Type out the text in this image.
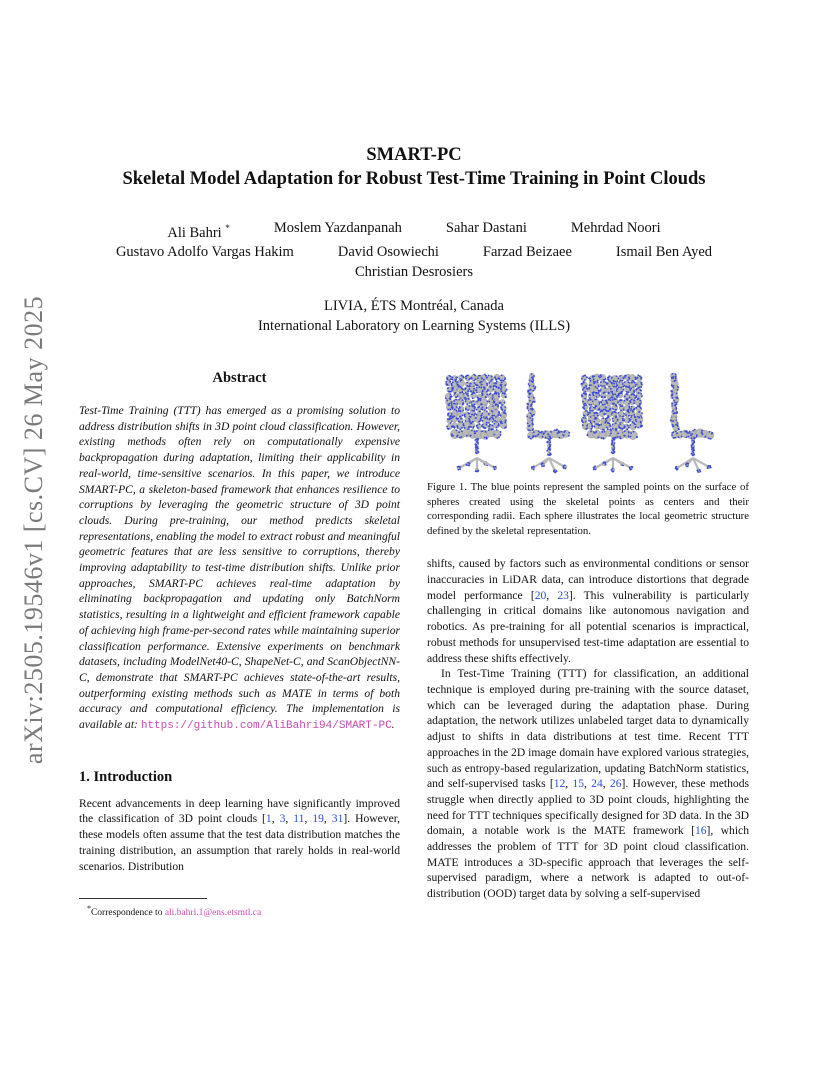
arXiv:2505.19546v1 [cs.CV] 26 May 2025
SMART-PC
Skeletal Model Adaptation for Robust Test-Time Training in Point Clouds
Ali Bahri *	Moslem Yazdanpanah	Sahar Dastani	Mehrdad Noori
Gustavo Adolfo Vargas Hakim	David Osowiechi	Farzad Beizaee	Ismail Ben Ayed
Christian Desrosiers
LIVIA, ÉTS Montréal, Canada
International Laboratory on Learning Systems (ILLS)
Abstract

Test-Time Training (TTT) has emerged as a promising solution to address distribution shifts in 3D point cloud classification. However, existing methods often rely on computationally expensive backpropagation during adaptation, limiting their applicability in real-world, time-sensitive scenarios. In this paper, we introduce SMART-PC, a skeleton-based framework that enhances resilience to corruptions by leveraging the geometric structure of 3D point clouds. During pre-training, our method predicts skeletal representations, enabling the model to extract robust and meaningful geometric features that are less sensitive to corruptions, thereby improving adaptability to test-time distribution shifts. Unlike prior approaches, SMART-PC achieves real-time adaptation by eliminating backpropagation and updating only BatchNorm statistics, resulting in a lightweight and efficient framework capable of achieving high frame-per-second rates while maintaining superior classification performance. Extensive experiments on benchmark datasets, including ModelNet40-C, ShapeNet-C, and ScanObjectNN-C, demonstrate that SMART-PC achieves state-of-the-art results, outperforming existing methods such as MATE in terms of both accuracy and computational efficiency. The implementation is available at: https://github.com/AliBahri94/SMART-PC.

1. Introduction

Recent advancements in deep learning have significantly improved the classification of 3D point clouds [1, 3, 11, 19, 31]. However, these models often assume that the test data distribution matches the training distribution, an assumption that rarely holds in real-world scenarios. Distribution

*Correspondence to ali.bahri.1@ens.etsmtl.ca

Figure 1. The blue points represent the sampled points on the surface of spheres created using the skeletal points as centers and their corresponding radii. Each sphere illustrates the local geometric structure defined by the skeletal representation.

shifts, caused by factors such as environmental conditions or sensor inaccuracies in LiDAR data, can introduce distortions that degrade model performance [20, 23]. This vulnerability is particularly challenging in critical domains like autonomous navigation and robotics. As pre-training for all potential scenarios is impractical, robust methods for unsupervised test-time adaptation are essential to address these shifts effectively.

In Test-Time Training (TTT) for classification, an additional technique is employed during pre-training with the source dataset, which can be leveraged during the adaptation phase. During adaptation, the network utilizes unlabeled target data to dynamically adjust to shifts in data distributions at test time. Recent TTT approaches in the 2D image domain have explored various strategies, such as entropy-based regularization, updating BatchNorm statistics, and self-supervised tasks [12, 15, 24, 26]. However, these methods struggle when directly applied to 3D point clouds, highlighting the need for TTT techniques specifically designed for 3D data. In the 3D domain, a notable work is the MATE framework [16], which addresses the problem of TTT for 3D point cloud classification. MATE introduces a 3D-specific approach that leverages the self-supervised paradigm, where a network is adapted to out-of-distribution (OOD) target data by solving a self-supervised
